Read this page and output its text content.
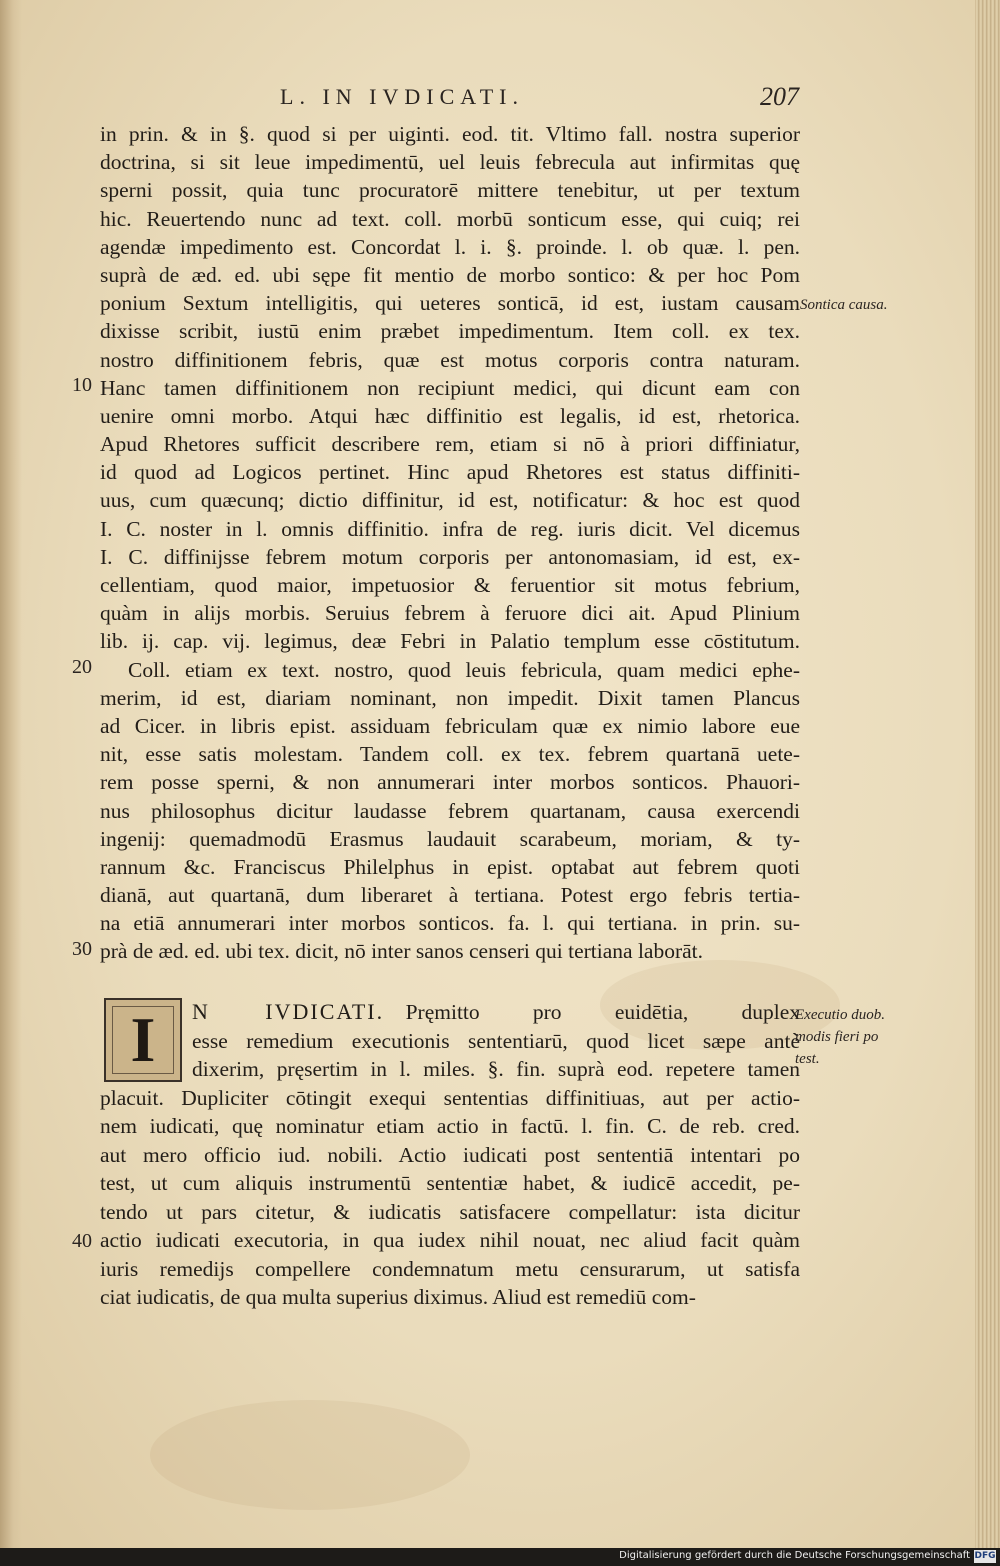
L. IN IVDICATI.	207
in prin. & in §. quod si per uiginti. eod. tit. Vltimo fall. nostra superior
doctrina, si sit leue impedimentū, uel leuis febrecula aut infirmitas quę
sperni possit, quia tunc procuratorē mittere tenebitur, ut per textum
hic. Reuertendo nunc ad text. coll. morbū sonticum esse, qui cuiq; rei
agendæ impedimento est. Concordat l. i. §. proinde. l. ob quæ. l. pen.
suprà de æd. ed. ubi sępe fit mentio de morbo sontico: & per hoc Pom
ponium Sextum intelligitis, qui ueteres sonticā, id est, iustam causam
dixisse scribit, iustū enim præbet impedimentum. Item coll. ex tex.
nostro diffinitionem febris, quæ est motus corporis contra naturam.
Hanc tamen diffinitionem non recipiunt medici, qui dicunt eam con
uenire omni morbo. Atqui hæc diffinitio est legalis, id est, rhetorica.
Apud Rhetores sufficit describere rem, etiam si nō à priori diffiniatur,
id quod ad Logicos pertinet. Hinc apud Rhetores est status diffiniti-
uus, cum quæcunq; dictio diffinitur, id est, notificatur: & hoc est quod
I. C. noster in l. omnis diffinitio. infra de reg. iuris dicit. Vel dicemus
I. C. diffinijsse febrem motum corporis per antonomasiam, id est, ex-
cellentiam, quod maior, impetuosior & feruentior sit motus febrium,
quàm in alijs morbis. Seruius febrem à feruore dici ait. Apud Plinium
lib. ij. cap. vij. legimus, deæ Febri in Palatio templum esse cōstitutum.
Coll. etiam ex text. nostro, quod leuis febricula, quam medici ephe-
merim, id est, diariam nominant, non impedit. Dixit tamen Plancus
ad Cicer. in libris epist. assiduam febriculam quæ ex nimio labore eue
nit, esse satis molestam. Tandem coll. ex tex. febrem quartanā uete-
rem posse sperni, & non annumerari inter morbos sonticos. Phauori-
nus philosophus dicitur laudasse febrem quartanam, causa exercendi
ingenij: quemadmodū Erasmus laudauit scarabeum, moriam, & ty-
rannum &c. Franciscus Philelphus in epist. optabat aut febrem quoti
dianā, aut quartanā, dum liberaret à tertiana. Potest ergo febris tertia-
na etiā annumerari inter morbos sonticos. fa. l. qui tertiana. in prin. su-
prà de æd. ed. ubi tex. dicit, nō inter sanos censeri qui tertiana laborāt.
Sontica causa.
10
20
30
40
I N IVDICATI.  Pręmitto pro euidētia, duplex
esse remedium executionis sententiarū, quod licet sæpe antè
dixerim, pręsertim in l. miles. §. fin. suprà eod. repetere tamen
placuit. Dupliciter cōtingit exequi sententias diffinitiuas, aut per actio-
nem iudicati, quę nominatur etiam actio in factū. l. fin. C. de reb. cred.
aut mero officio iud. nobili. Actio iudicati post sententiā intentari po
test, ut cum aliquis instrumentū sententiæ habet, & iudicē accedit, pe-
tendo ut pars citetur, & iudicatis satisfacere compellatur: ista dicitur
actio iudicati executoria, in qua iudex nihil nouat, nec aliud facit quàm
iuris remedijs compellere condemnatum metu censurarum, ut satisfa
ciat iudicatis, de qua multa superius diximus. Aliud est remediū com-
Executio duob.
modis fieri po
test.
Digitalisierung gefördert durch die Deutsche Forschungsgemeinschaft DFG
